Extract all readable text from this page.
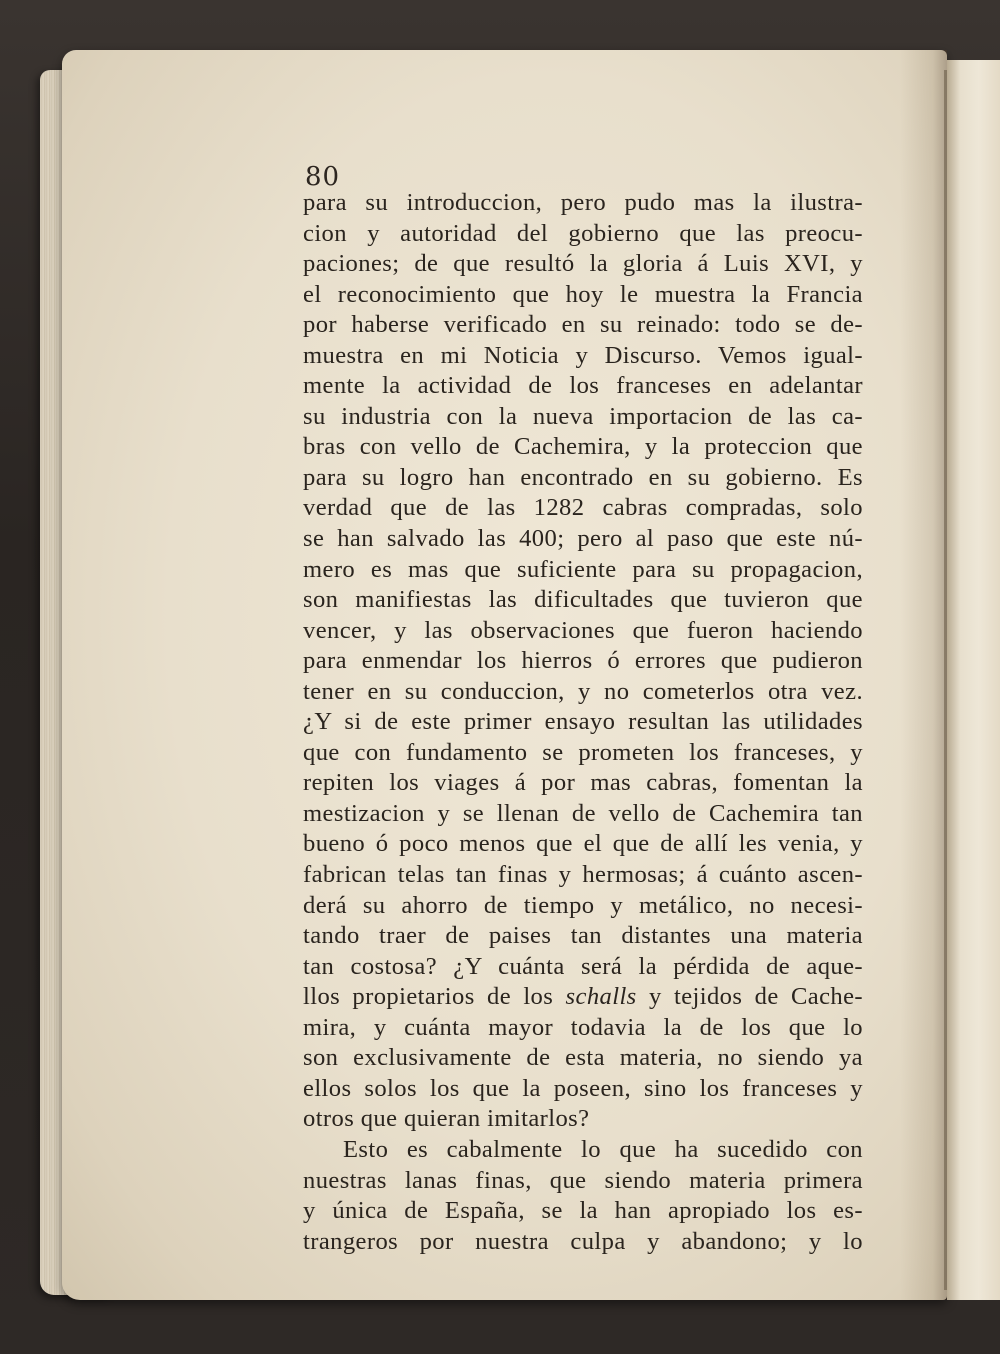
80
para su introduccion, pero pudo mas la ilustra-
cion y autoridad del gobierno que las preocu-
paciones; de que resultó la gloria á Luis XVI, y
el reconocimiento que hoy le muestra la Francia
por haberse verificado en su reinado: todo se de-
muestra en mi Noticia y Discurso. Vemos igual-
mente la actividad de los franceses en adelantar
su industria con la nueva importacion de las ca-
bras con vello de Cachemira, y la proteccion que
para su logro han encontrado en su gobierno. Es
verdad que de las 1282 cabras compradas, solo
se han salvado las 400; pero al paso que este nú-
mero es mas que suficiente para su propagacion,
son manifiestas las dificultades que tuvieron que
vencer, y las observaciones que fueron haciendo
para enmendar los hierros ó errores que pudieron
tener en su conduccion, y no cometerlos otra vez.
¿Y si de este primer ensayo resultan las utilidades
que con fundamento se prometen los franceses, y
repiten los viages á por mas cabras, fomentan la
mestizacion y se llenan de vello de Cachemira tan
bueno ó poco menos que el que de allí les venia, y
fabrican telas tan finas y hermosas; á cuánto ascen-
derá su ahorro de tiempo y metálico, no necesi-
tando traer de paises tan distantes una materia
tan costosa? ¿Y cuánta será la pérdida de aque-
llos propietarios de los schalls y tejidos de Cache-
mira, y cuánta mayor todavia la de los que lo
son exclusivamente de esta materia, no siendo ya
ellos solos los que la poseen, sino los franceses y
otros que quieran imitarlos?
Esto es cabalmente lo que ha sucedido con
nuestras lanas finas, que siendo materia primera
y única de España, se la han apropiado los es-
trangeros por nuestra culpa y abandono; y lo
